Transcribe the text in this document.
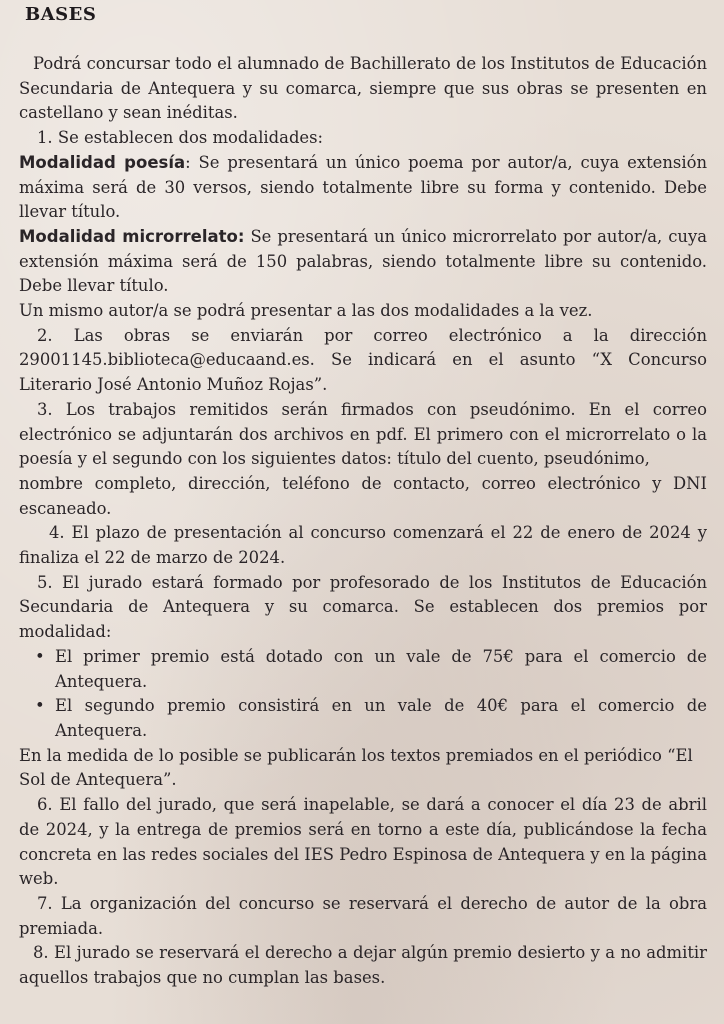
BASES

Podrá concursar todo el alumnado de Bachillerato de los Institutos de Educación Secundaria de Antequera y su comarca, siempre que sus obras se presenten en castellano y sean inéditas.

1. Se establecen dos modalidades:

Modalidad poesía: Se presentará un único poema por autor/a, cuya extensión máxima será de 30 versos, siendo totalmente libre su forma y contenido. Debe llevar título.

Modalidad microrrelato: Se presentará un único microrrelato por autor/a, cuya extensión máxima será de 150 palabras, siendo totalmente libre su contenido. Debe llevar título.

Un mismo autor/a se podrá presentar a las dos modalidades a la vez.

2. Las obras se enviarán por correo electrónico a la dirección 29001145.biblioteca@educaand.es. Se indicará en el asunto “X Concurso Literario José Antonio Muñoz Rojas”.

3. Los trabajos remitidos serán firmados con pseudónimo. En el correo electrónico se adjuntarán dos archivos en pdf. El primero con el microrrelato o la poesía y el segundo con los siguientes datos: título del cuento, pseudónimo,

nombre completo, dirección, teléfono de contacto, correo electrónico y DNI escaneado.

4. El plazo de presentación al concurso comenzará el 22 de enero de 2024 y finaliza el 22 de marzo de 2024.

5. El jurado estará formado por profesorado de los Institutos de Educación Secundaria de Antequera y su comarca. Se establecen dos premios por modalidad:

• El primer premio está dotado con un vale de 75€ para el comercio de Antequera.
• El segundo premio consistirá en un vale de 40€ para el comercio de Antequera.

En la medida de lo posible se publicarán los textos premiados en el periódico “El Sol de Antequera”.

6. El fallo del jurado, que será inapelable, se dará a conocer el día 23 de abril de 2024, y la entrega de premios será en torno a este día, publicándose la fecha concreta en las redes sociales del IES Pedro Espinosa de Antequera y en la página web.

7. La organización del concurso se reservará el derecho de autor de la obra premiada.

8. El jurado se reservará el derecho a dejar algún premio desierto y a no admitir aquellos trabajos que no cumplan las bases.
